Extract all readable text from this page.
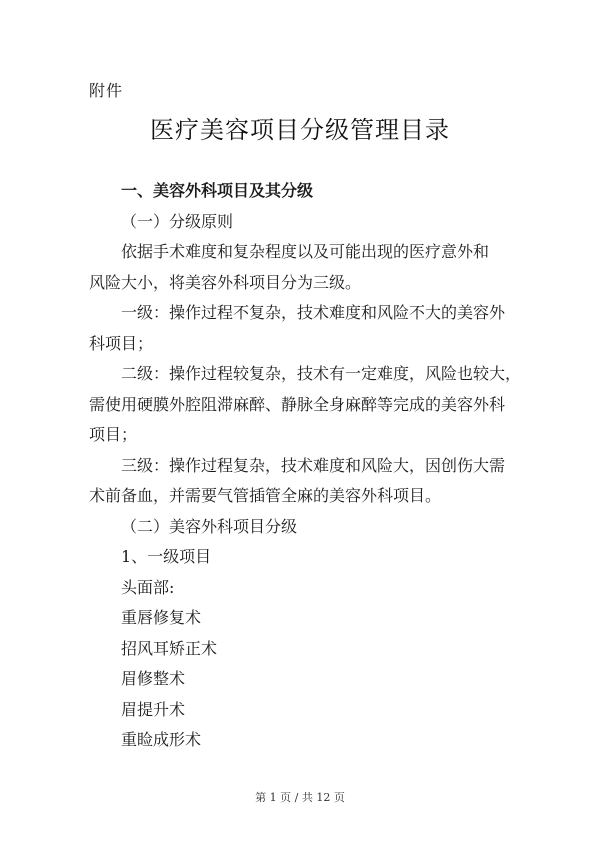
附件
医疗美容项目分级管理目录

一、美容外科项目及其分级

（一）分级原则

依据手术难度和复杂程度以及可能出现的医疗意外和

风险大小，将美容外科项目分为三级。

一级：操作过程不复杂，技术难度和风险不大的美容外

科项目；

二级：操作过程较复杂，技术有一定难度，风险也较大，

需使用硬膜外腔阻滞麻醉、静脉全身麻醉等完成的美容外科

项目；

三级：操作过程复杂，技术难度和风险大，因创伤大需

术前备血，并需要气管插管全麻的美容外科项目。

（二）美容外科项目分级

1、一级项目

头面部:

重唇修复术

招风耳矫正术

眉修整术

眉提升术

重睑成形术

第 1 页 / 共 12 页
